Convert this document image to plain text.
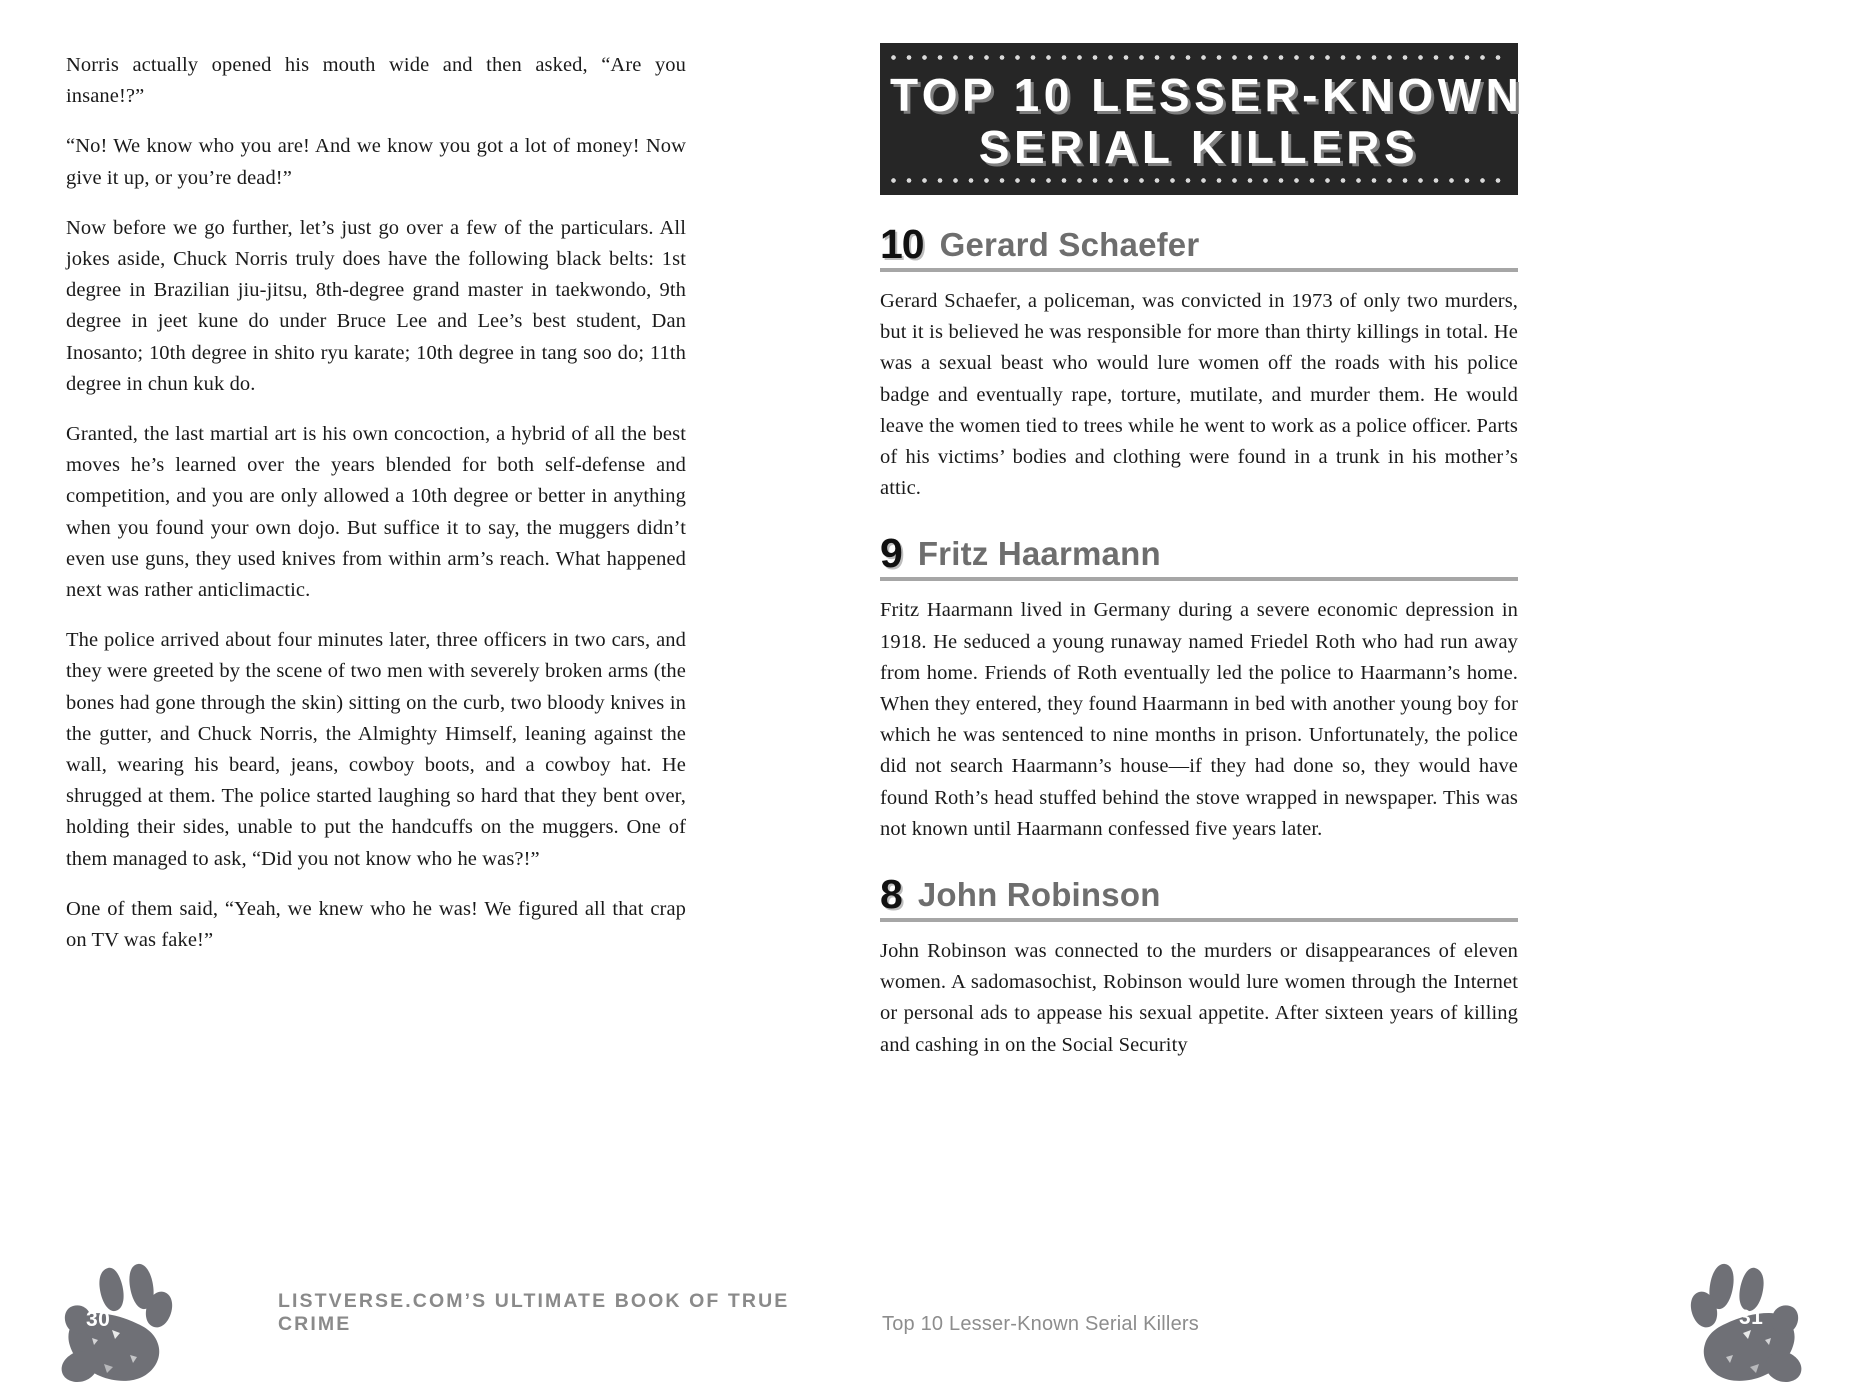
Norris actually opened his mouth wide and then asked, “Are you insane!?”

“No! We know who you are! And we know you got a lot of money! Now give it up, or you’re dead!”

Now before we go further, let’s just go over a few of the particulars. All jokes aside, Chuck Norris truly does have the following black belts: 1st degree in Brazilian jiu-jitsu, 8th-degree grand master in taekwondo, 9th degree in jeet kune do under Bruce Lee and Lee’s best student, Dan Inosanto; 10th degree in shito ryu karate; 10th degree in tang soo do; 11th degree in chun kuk do.

Granted, the last martial art is his own concoction, a hybrid of all the best moves he’s learned over the years blended for both self-defense and competition, and you are only allowed a 10th degree or better in anything when you found your own dojo. But suffice it to say, the muggers didn’t even use guns, they used knives from within arm’s reach. What happened next was rather anticlimactic.

The police arrived about four minutes later, three officers in two cars, and they were greeted by the scene of two men with severely broken arms (the bones had gone through the skin) sitting on the curb, two bloody knives in the gutter, and Chuck Norris, the Almighty Himself, leaning against the wall, wearing his beard, jeans, cowboy boots, and a cowboy hat. He shrugged at them. The police started laughing so hard that they bent over, holding their sides, unable to put the handcuffs on the muggers. One of them managed to ask, “Did you not know who he was?!”

One of them said, “Yeah, we knew who he was! We figured all that crap on TV was fake!”

30
LISTVERSE.COM’S ULTIMATE BOOK OF TRUE CRIME
TOP 10 LESSER-KNOWN
SERIAL KILLERS
10 Gerard Schaefer

Gerard Schaefer, a policeman, was convicted in 1973 of only two murders, but it is believed he was responsible for more than thirty killings in total. He was a sexual beast who would lure women off the roads with his police badge and eventually rape, torture, mutilate, and murder them. He would leave the women tied to trees while he went to work as a police officer. Parts of his victims’ bodies and clothing were found in a trunk in his mother’s attic.

9 Fritz Haarmann

Fritz Haarmann lived in Germany during a severe economic depression in 1918. He seduced a young runaway named Friedel Roth who had run away from home. Friends of Roth eventually led the police to Haarmann’s home. When they entered, they found Haarmann in bed with another young boy for which he was sentenced to nine months in prison. Unfortunately, the police did not search Haarmann’s house—if they had done so, they would have found Roth’s head stuffed behind the stove wrapped in newspaper. This was not known until Haarmann confessed five years later.

8 John Robinson

John Robinson was connected to the murders or disappearances of eleven women. A sadomasochist, Robinson would lure women through the Internet or personal ads to appease his sexual appetite. After sixteen years of killing and cashing in on the Social Security

Top 10 Lesser-Known Serial Killers	31
